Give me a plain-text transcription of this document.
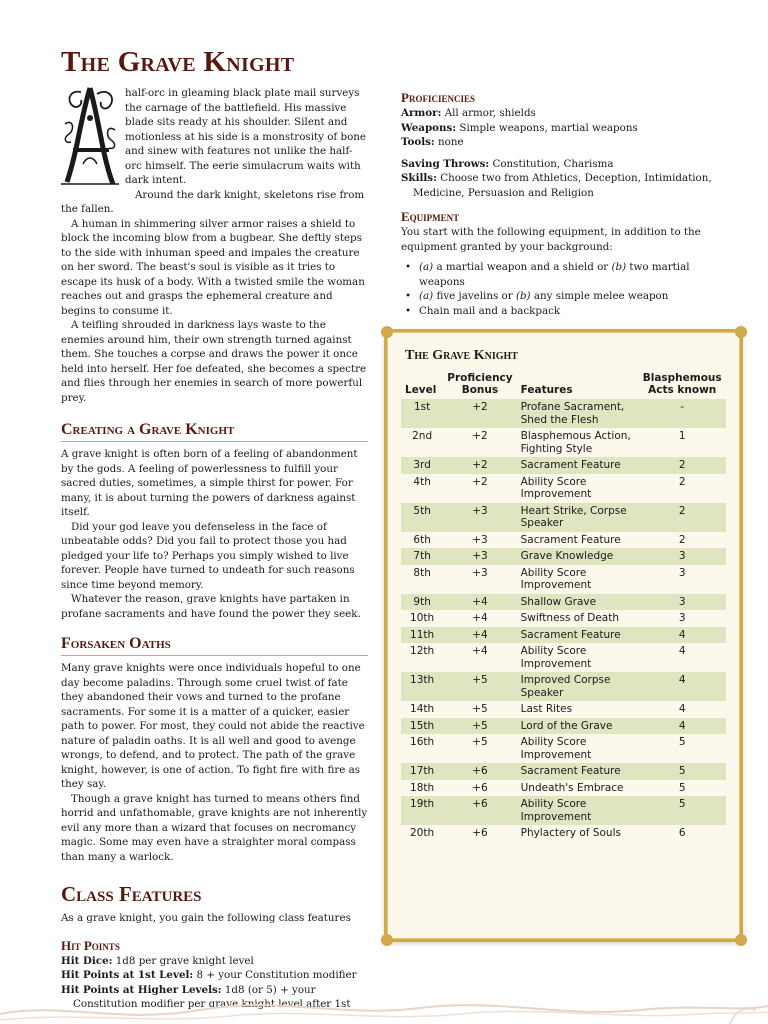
The Grave Knight

half-orc in gleaming black plate mail surveys the carnage of the battlefield. His massive blade sits ready at his shoulder. Silent and motionless at his side is a monstrosity of bone and sinew with features not unlike the half-orc himself. The eerie simulacrum waits with dark intent.

Around the dark knight, skeletons rise from the fallen.

A human in shimmering silver armor raises a shield to block the incoming blow from a bugbear. She deftly steps to the side with inhuman speed and impales the creature on her sword. The beast's soul is visible as it tries to escape its husk of a body. With a twisted smile the woman reaches out and grasps the ephemeral creature and begins to consume it.

A teifling shrouded in darkness lays waste to the enemies around him, their own strength turned against them. She touches a corpse and draws the power it once held into herself. Her foe defeated, she becomes a spectre and flies through her enemies in search of more powerful prey.

Creating a Grave Knight

A grave knight is often born of a feeling of abandonment by the gods. A feeling of powerlessness to fulfill your sacred duties, sometimes, a simple thirst for power. For many, it is about turning the powers of darkness against itself.

Did your god leave you defenseless in the face of unbeatable odds? Did you fail to protect those you had pledged your life to? Perhaps you simply wished to live forever. People have turned to undeath for such reasons since time beyond memory.

Whatever the reason, grave knights have partaken in profane sacraments and have found the power they seek.

Forsaken Oaths

Many grave knights were once individuals hopeful to one day become paladins. Through some cruel twist of fate they abandoned their vows and turned to the profane sacraments. For some it is a matter of a quicker, easier path to power. For most, they could not abide the reactive nature of paladin oaths. It is all well and good to avenge wrongs, to defend, and to protect. The path of the grave knight, however, is one of action. To fight fire with fire as they say.

Though a grave knight has turned to means others find horrid and unfathomable, grave knights are not inherently evil any more than a wizard that focuses on necromancy magic. Some may even have a straighter moral compass than many a warlock.

Class Features

As a grave knight, you gain the following class features

Hit Points

Hit Dice: 1d8 per grave knight level

Hit Points at 1st Level: 8 + your Constitution modifier

Hit Points at Higher Levels: 1d8 (or 5) + your Constitution modifier per grave knight level after 1st

Proficiencies

Armor: All armor, shields

Weapons: Simple weapons, martial weapons

Tools: none

Saving Throws: Constitution, Charisma

Skills: Choose two from Athletics, Deception, Intimidation, Medicine, Persuasion and Religion

Equipment

You start with the following equipment, in addition to the equipment granted by your background:

• (a) a martial weapon and a shield or (b) two martial weapons
• (a) five javelins or (b) any simple melee weapon
• Chain mail and a backpack
The Grave Knight
Level	Proficiency
Bonus	Features	Blasphemous
Acts known
1st	+2	Profane Sacrament, Shed the Flesh	-
2nd	+2	Blasphemous Action, Fighting Style	1
3rd	+2	Sacrament Feature	2
4th	+2	Ability Score Improvement	2
5th	+3	Heart Strike, Corpse Speaker	2
6th	+3	Sacrament Feature	2
7th	+3	Grave Knowledge	3
8th	+3	Ability Score Improvement	3
9th	+4	Shallow Grave	3
10th	+4	Swiftness of Death	3
11th	+4	Sacrament Feature	4
12th	+4	Ability Score Improvement	4
13th	+5	Improved Corpse Speaker	4
14th	+5	Last Rites	4
15th	+5	Lord of the Grave	4
16th	+5	Ability Score Improvement	5
17th	+6	Sacrament Feature	5
18th	+6	Undeath's Embrace	5
19th	+6	Ability Score Improvement	5
20th	+6	Phylactery of Souls	6
